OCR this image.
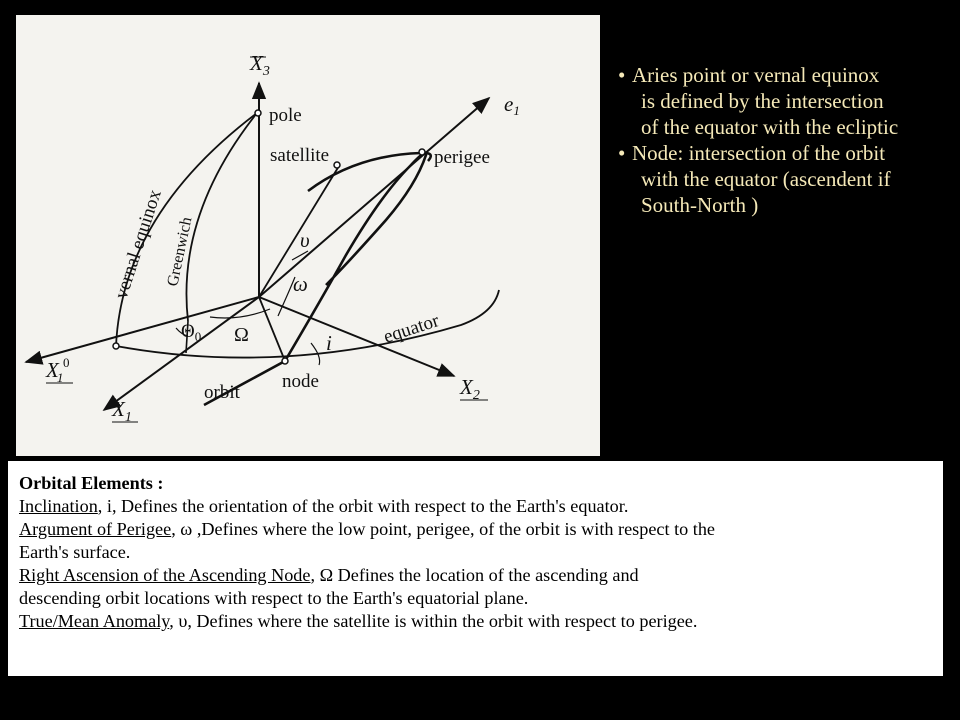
$X_3$
pole	e1
satellite	perigee
vernal equinox
Greenwich	υ
ω
$\Theta_0$ Ω	i	equator
X1
0
orbit
node	$X_2$
$X_1$
• Aries point or vernal equinox
is defined by the intersection
of the equator with the ecliptic
• Node: intersection of the orbit
with the equator (ascendent if
South-North )
Orbital Elements :
Inclination, i, Defines the orientation of the orbit with respect to the Earth's equator.
Argument of Perigee, ω ,Defines where the low point, perigee, of the orbit is with respect to the
Earth's surface.
Right Ascension of the Ascending Node, Ω Defines the location of the ascending and
descending orbit locations with respect to the Earth's equatorial plane.
True/Mean Anomaly, υ, Defines where the satellite is within the orbit with respect to perigee.
